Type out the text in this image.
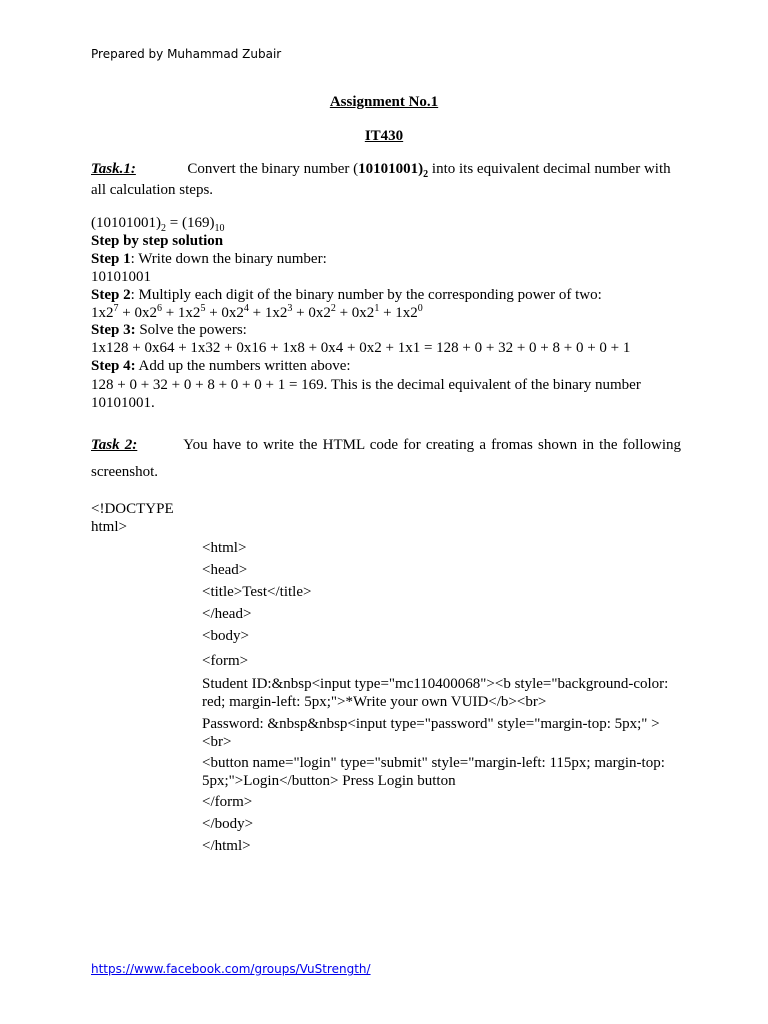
Prepared by Muhammad Zubair
Assignment No.1
IT430
Task.1:	Convert the binary number $(10101001)_2$ into its equivalent decimal number with
all calculation steps.
$(10101001)_2 = (169)_{10}$
Step by step solution
Step 1: Write down the binary number:
10101001
Step 2: Multiply each digit of the binary number by the corresponding power of two:
$1x2^7 + 0x2^6 + 1x2^5 + 0x2^4 + 1x2^3 + 0x2^2 + 0x2^1 + 1x2^0$
Step 3: Solve the powers:
1x128 + 0x64 + 1x32 + 0x16 + 1x8 + 0x4 + 0x2 + 1x1 = 128 + 0 + 32 + 0 + 8 + 0 + 0 + 1
Step 4: Add up the numbers written above:
128 + 0 + 32 + 0 + 8 + 0 + 0 + 1 = 169. This is the decimal equivalent of the binary number 10101001.
Task 2:	You have to write the HTML code for creating a fromas shown in the following screenshot.
<!DOCTYPE
html>
<html>
<head>
<title>Test</title>
</head>
<body>
<form>
Student ID:&nbsp<input type="mc110400068"><b style="background-color: red; margin-left: 5px;">*Write your own VUID</b><br>
Password: &nbsp&nbsp<input type="password" style="margin-top: 5px;" > <br>
<button name="login" type="submit" style="margin-left: 115px; margin-top: 5px;">Login</button> Press Login button
</form>
</body>
</html>
https://www.facebook.com/groups/VuStrength/
